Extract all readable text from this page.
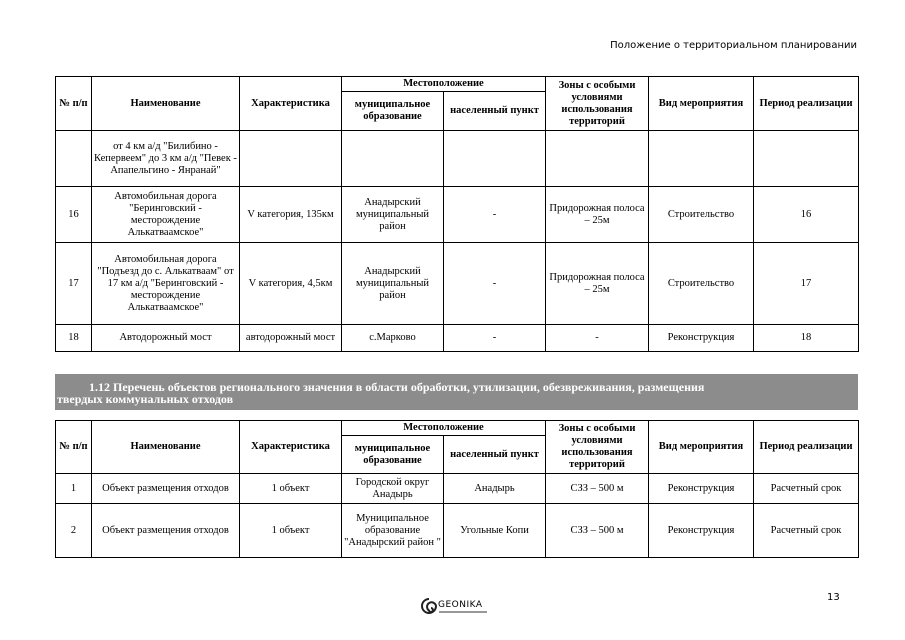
Положение о территориальном планировании
№ п/п	Наименование	Характеристика	Местоположение		Зоны с особыми условиями использования территорий	Вид мероприятия	Период реализации
			муниципальное образование	населенный пункт			
	от 4 км а/д "Билибино - Кепервеем" до 3 км а/д "Певек - Апапельгино - Янранай"						
16	Автомобильная дорога "Беринговский - месторождение Алькатваамское"	V категория, 135км	Анадырский муниципальный район	-	Придорожная полоса – 25м	Строительство	16
17	Автомобильная дорога "Подъезд до с. Алькатваам" от 17 км а/д "Беринговский - месторождение Алькатваамское"	V категория, 4,5км	Анадырский муниципальный район	-	Придорожная полоса – 25м	Строительство	17
18	Автодорожный мост	автодорожный мост	с.Марково	-	-	Реконструкция	18
1.12 Перечень объектов регионального значения в области обработки, утилизации, обезвреживания, размещения
твердых коммунальных отходов
№ п/п	Наименование	Характеристика	Местоположение		Зоны с особыми условиями использования территорий	Вид мероприятия	Период реализации
			муниципальное образование	населенный пункт			
1	Объект размещения отходов	1 объект	Городской округ Анадырь	Анадырь	СЗЗ – 500 м	Реконструкция	Расчетный срок
2	Объект размещения отходов	1 объект	Муниципальное образование "Анадырский район "	Угольные Копи	СЗЗ – 500 м	Реконструкция	Расчетный срок
GEONIKA
13
